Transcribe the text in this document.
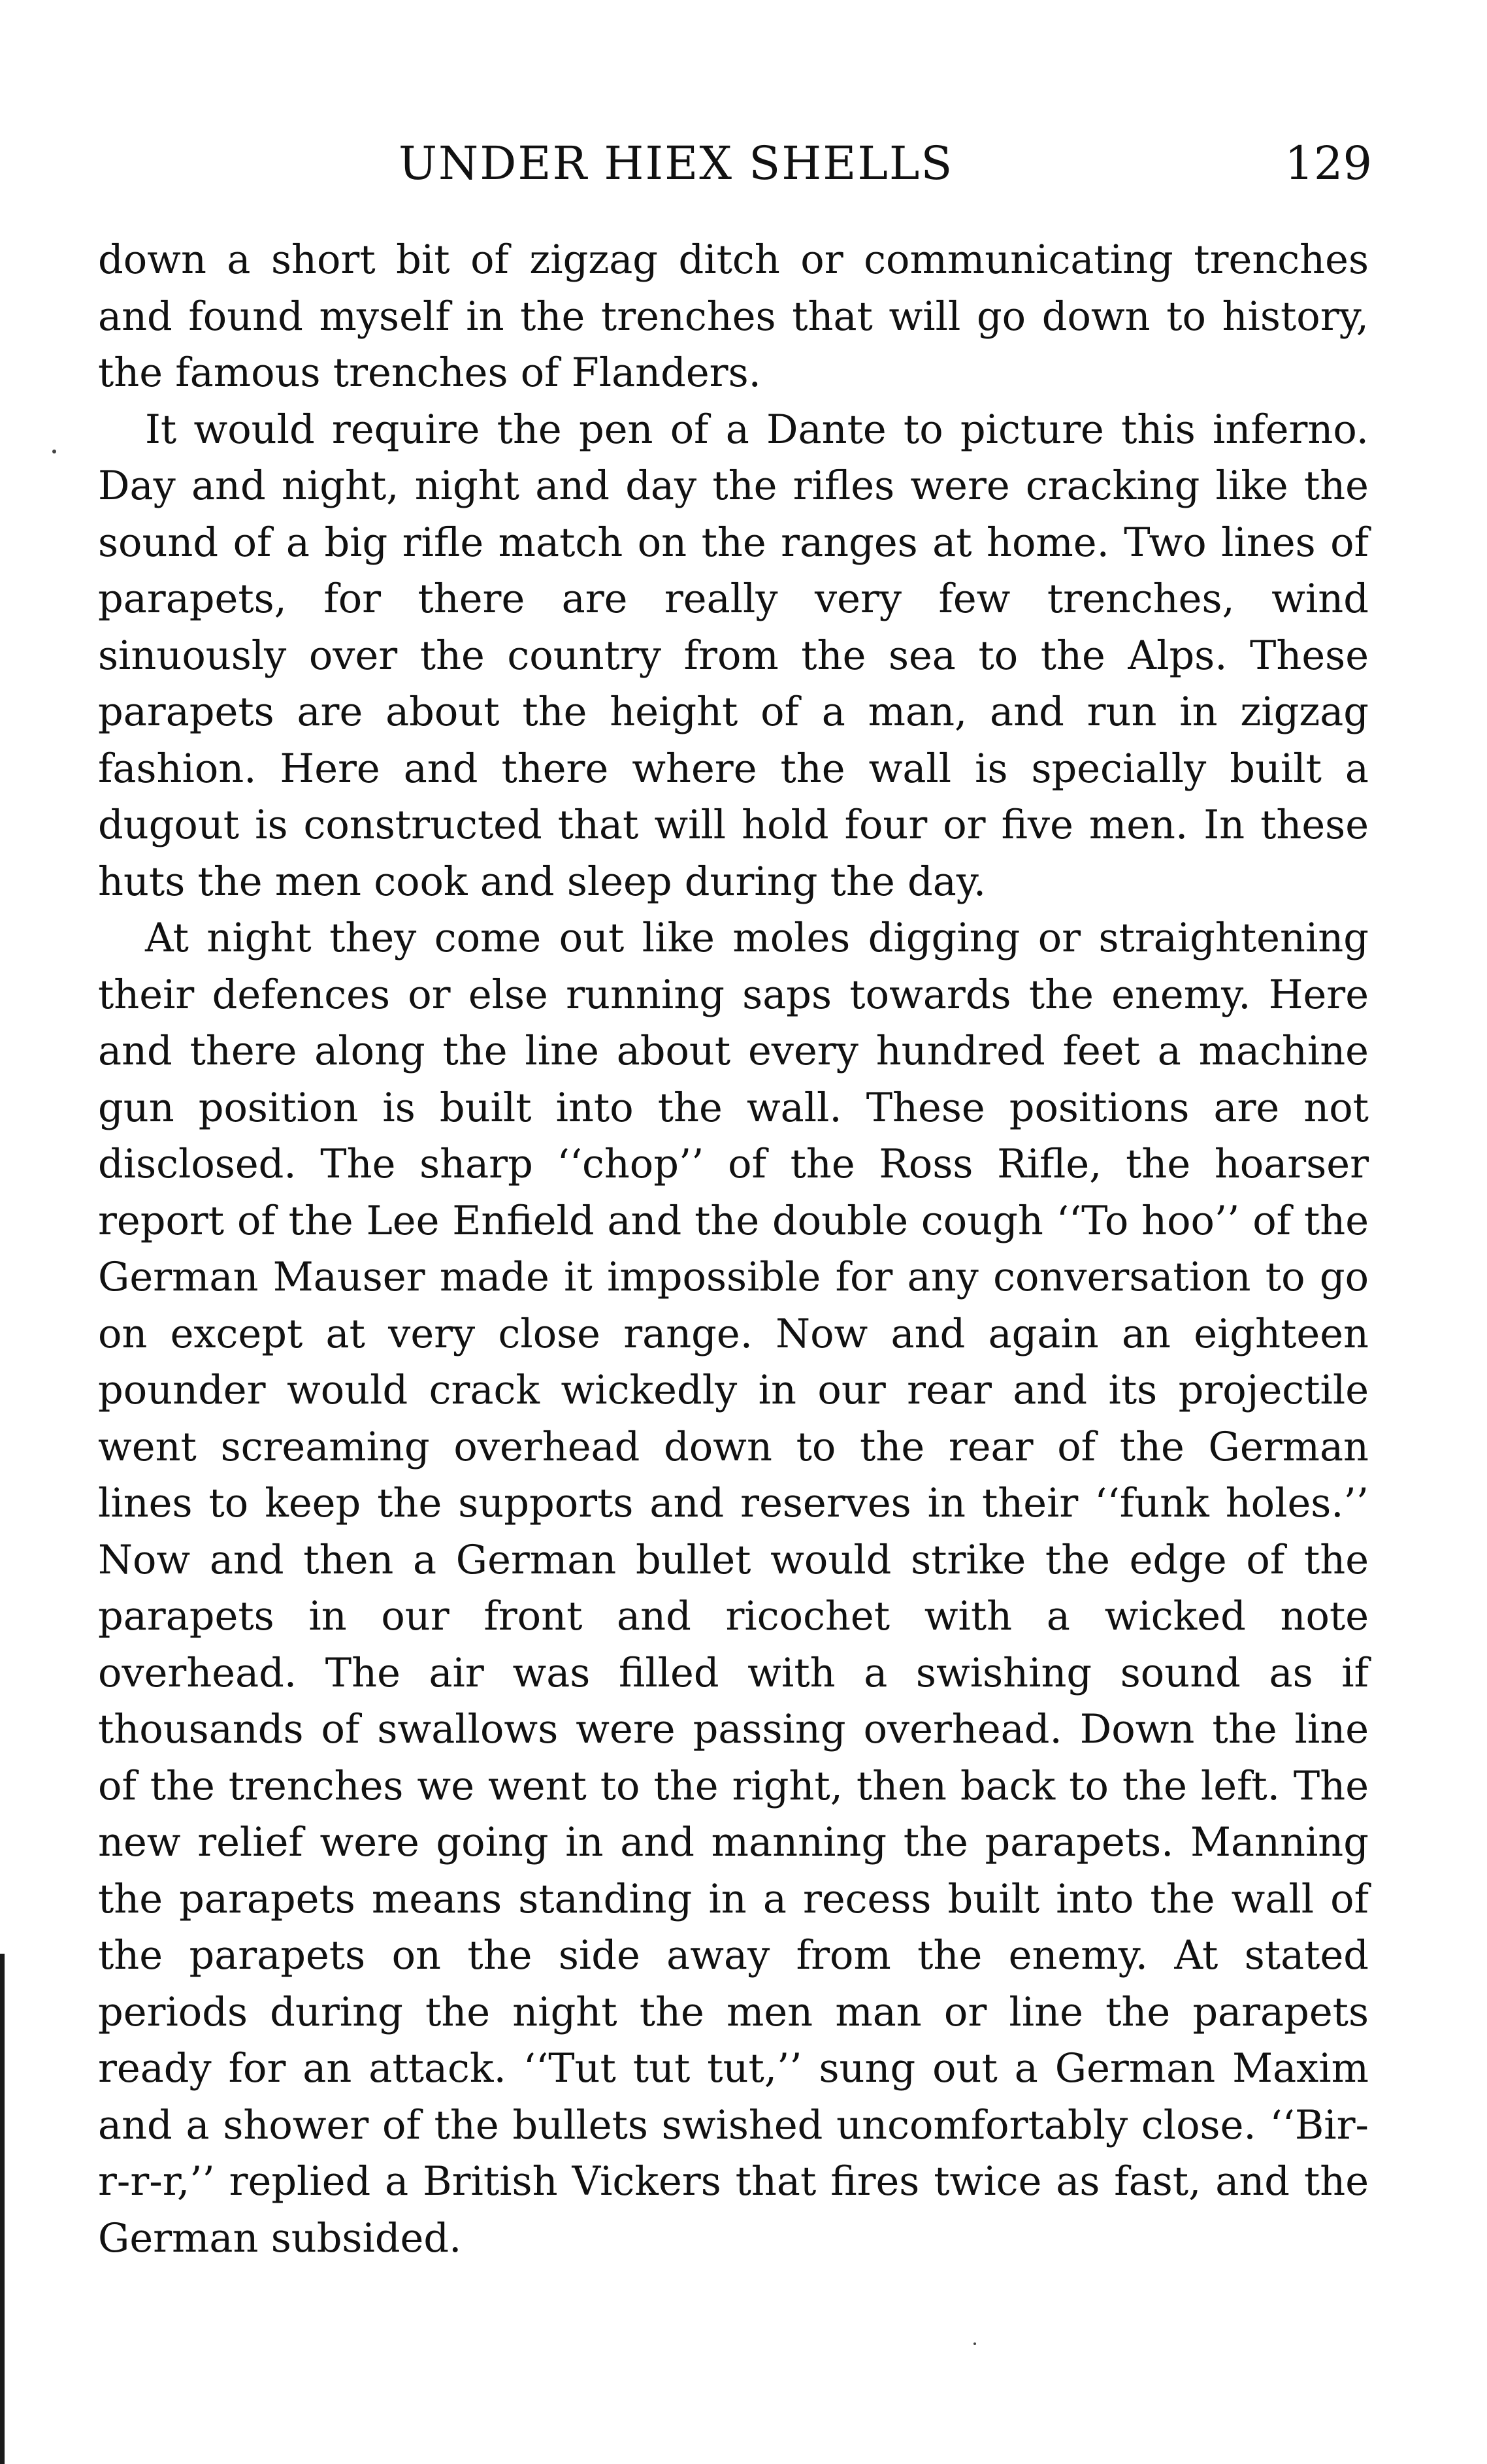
UNDER HIEX SHELLS	129

down a short bit of zigzag ditch or communicating trenches and found myself in the trenches that will go down to history, the famous trenches of Flanders.

It would require the pen of a Dante to picture this inferno. Day and night, night and day the rifles were cracking like the sound of a big rifle match on the ranges at home. Two lines of parapets, for there are really very few trenches, wind sinuously over the country from the sea to the Alps. These parapets are about the height of a man, and run in zigzag fashion. Here and there where the wall is specially built a dugout is constructed that will hold four or five men. In these huts the men cook and sleep during the day.

At night they come out like moles digging or straightening their defences or else running saps towards the enemy. Here and there along the line about every hundred feet a machine gun position is built into the wall. These positions are not disclosed. The sharp ‘‘chop’’ of the Ross Rifle, the hoarser report of the Lee Enfield and the double cough ‘‘To hoo’’ of the German Mauser made it impossible for any conversation to go on except at very close range. Now and again an eighteen pounder would crack wickedly in our rear and its projectile went screaming overhead down to the rear of the German lines to keep the supports and reserves in their ‘‘funk holes.’’ Now and then a German bullet would strike the edge of the parapets in our front and ricochet with a wicked note overhead. The air was filled with a swishing sound as if thousands of swallows were passing overhead. Down the line of the trenches we went to the right, then back to the left. The new relief were going in and manning the parapets. Manning the parapets means standing in a recess built into the wall of the parapets on the side away from the enemy. At stated periods during the night the men man or line the parapets ready for an attack. ‘‘Tut tut tut,’’ sung out a German Maxim and a shower of the bullets swished uncomfortably close. ‘‘Bir-r-r-r,’’ replied a British Vickers that fires twice as fast, and the German subsided.
